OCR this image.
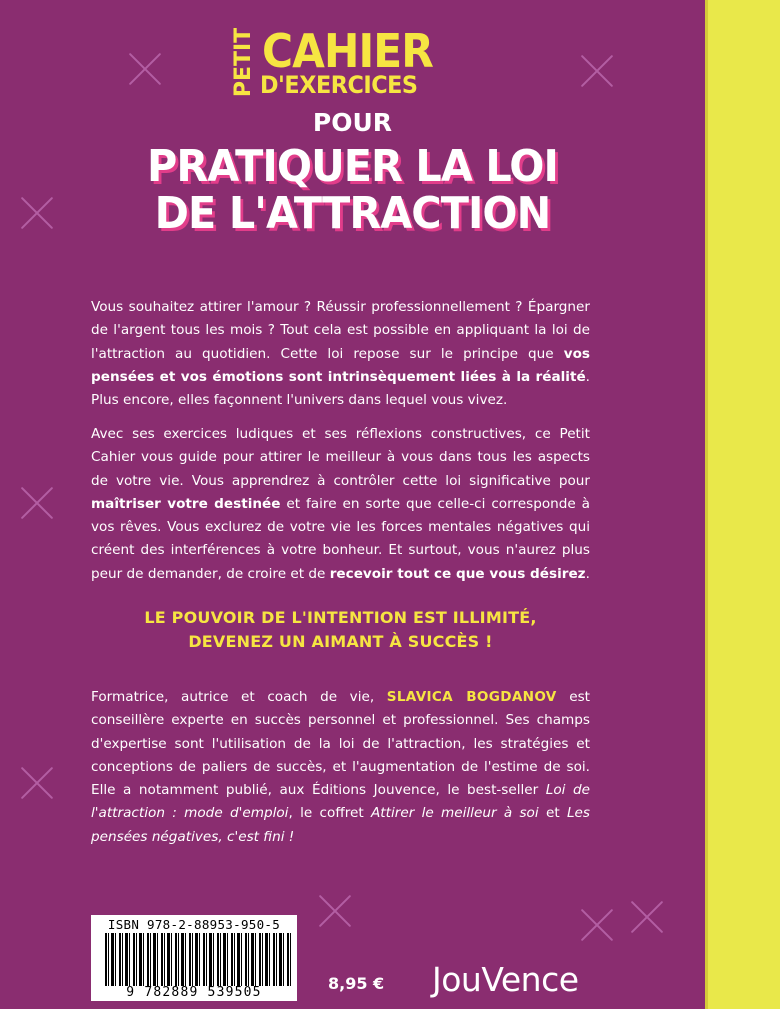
PETIT CAHIER
D'EXERCICES
POUR
PRATIQUER LA LOI
DE L'ATTRACTION

Vous souhaitez attirer l'amour ? Réussir professionnellement ? Épargner de l'argent tous les mois ? Tout cela est possible en appliquant la loi de l'attraction au quotidien. Cette loi repose sur le principe que vos pensées et vos émotions sont intrinsèquement liées à la réalité. Plus encore, elles façonnent l'univers dans lequel vous vivez.

Avec ses exercices ludiques et ses réflexions constructives, ce Petit Cahier vous guide pour attirer le meilleur à vous dans tous les aspects de votre vie. Vous apprendrez à contrôler cette loi significative pour maîtriser votre destinée et faire en sorte que celle-ci corresponde à vos rêves. Vous exclurez de votre vie les forces mentales négatives qui créent des interférences à votre bonheur. Et surtout, vous n'aurez plus peur de demander, de croire et de recevoir tout ce que vous désirez.

LE POUVOIR DE L'INTENTION EST ILLIMITÉ,
DEVENEZ UN AIMANT À SUCCÈS !

Formatrice, autrice et coach de vie, SLAVICA BOGDANOV est conseillère experte en succès personnel et professionnel. Ses champs d'expertise sont l'utilisation de la loi de l'attraction, les stratégies et conceptions de paliers de succès, et l'augmentation de l'estime de soi. Elle a notamment publié, aux Éditions Jouvence, le best-seller Loi de l'attraction : mode d'emploi, le coffret Attirer le meilleur à soi et Les pensées négatives, c'est fini !

ISBN 978-2-88953-950-5
9 782889 539505	8,95 € JouVence
